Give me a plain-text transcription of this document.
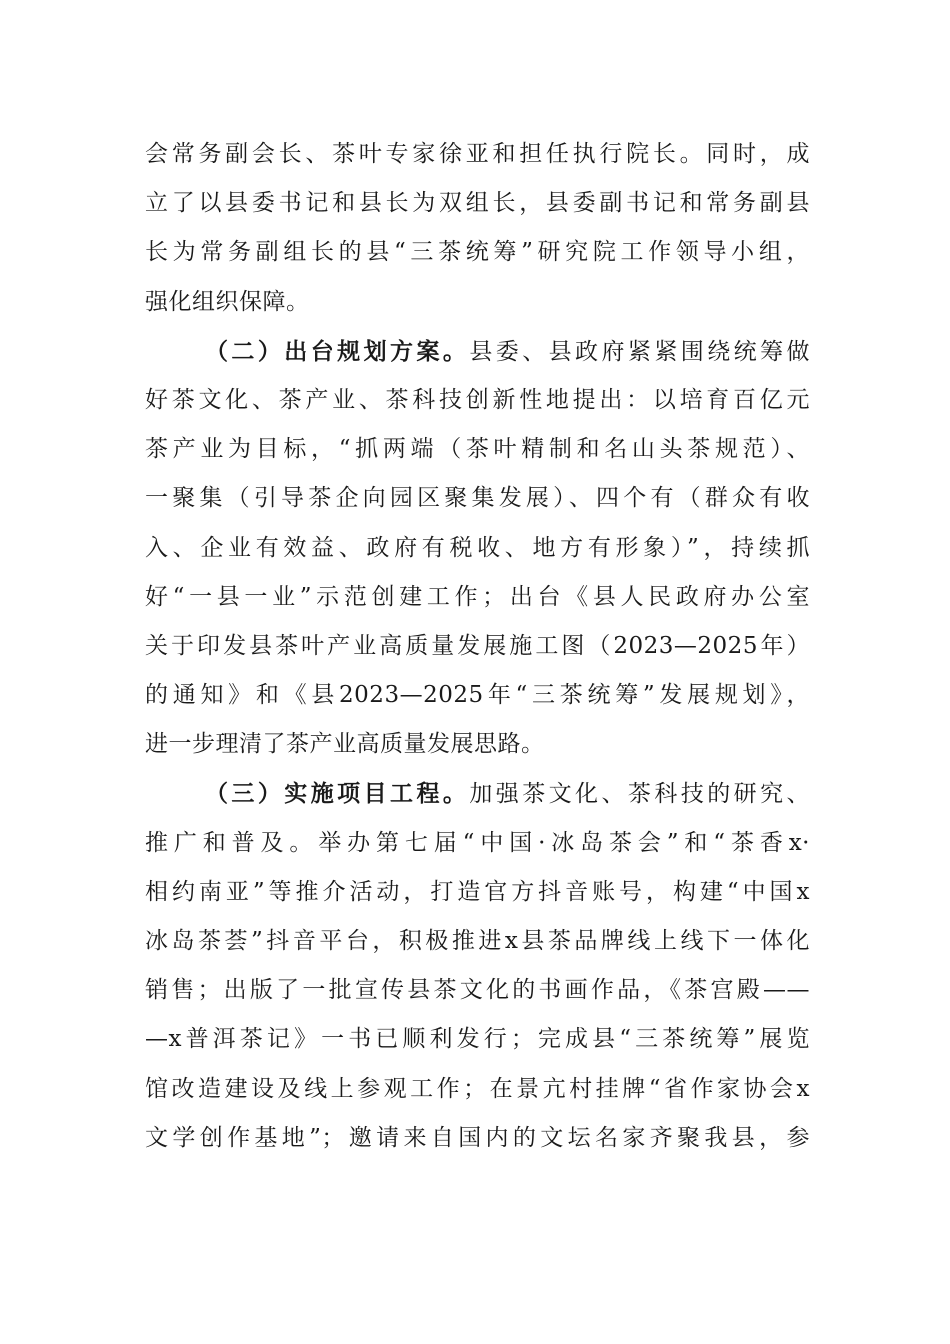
会常务副会长、茶叶专家徐亚和担任执行院长。同时，成
立了以县委书记和县长为双组长，县委副书记和常务副县
长为常务副组长的县“三茶统筹”研究院工作领导小组，
强化组织保障。
（二）出台规划方案。县委、县政府紧紧围绕统筹做
好茶文化、茶产业、茶科技创新性地提出：以培育百亿元
茶产业为目标，“抓两端（茶叶精制和名山头茶规范）、
一聚集（引导茶企向园区聚集发展）、四个有（群众有收
入、企业有效益、政府有税收、地方有形象）”，持续抓
好“一县一业”示范创建工作；出台《县人民政府办公室
关于印发县茶叶产业高质量发展施工图（2023—2025年）
的通知》和《县2023—2025年“三茶统筹”发展规划》，
进一步理清了茶产业高质量发展思路。
（三）实施项目工程。加强茶文化、茶科技的研究、
推广和普及。举办第七届“中国·冰岛茶会”和“茶香x·
相约南亚”等推介活动，打造官方抖音账号，构建“中国x
冰岛茶荟”抖音平台，积极推进x县茶品牌线上线下一体化
销售；出版了一批宣传县茶文化的书画作品，《茶宫殿——
—x普洱茶记》一书已顺利发行；完成县“三茶统筹”展览
馆改造建设及线上参观工作；在景亢村挂牌“省作家协会x
文学创作基地”；邀请来自国内的文坛名家齐聚我县，参
